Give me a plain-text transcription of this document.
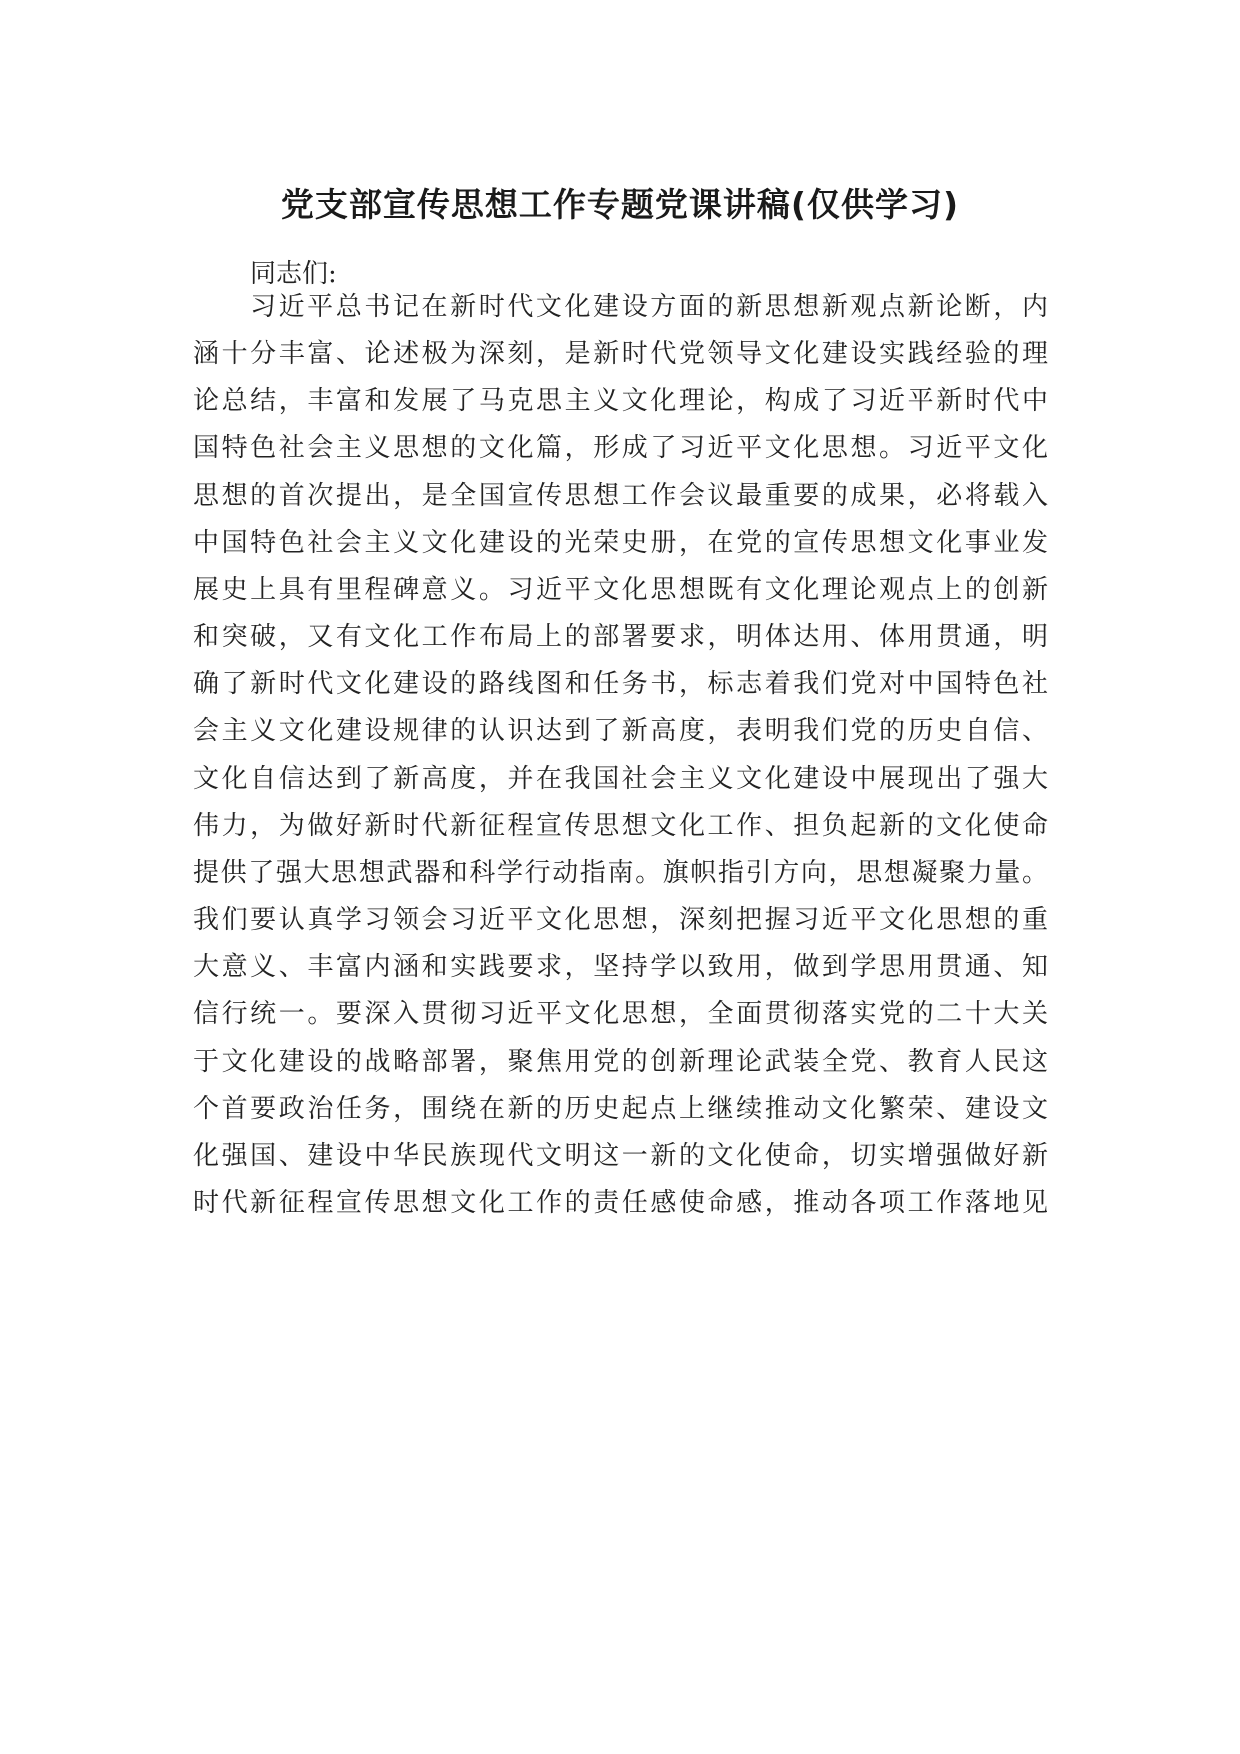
党支部宣传思想工作专题党课讲稿(仅供学习)

同志们:

习近平总书记在新时代文化建设方面的新思想新观点新论断，内
涵十分丰富、论述极为深刻，是新时代党领导文化建设实践经验的理
论总结，丰富和发展了马克思主义文化理论，构成了习近平新时代中
国特色社会主义思想的文化篇，形成了习近平文化思想。习近平文化
思想的首次提出，是全国宣传思想工作会议最重要的成果，必将载入
中国特色社会主义文化建设的光荣史册，在党的宣传思想文化事业发
展史上具有里程碑意义。习近平文化思想既有文化理论观点上的创新
和突破，又有文化工作布局上的部署要求，明体达用、体用贯通，明
确了新时代文化建设的路线图和任务书，标志着我们党对中国特色社
会主义文化建设规律的认识达到了新高度，表明我们党的历史自信、
文化自信达到了新高度，并在我国社会主义文化建设中展现出了强大
伟力，为做好新时代新征程宣传思想文化工作、担负起新的文化使命
提供了强大思想武器和科学行动指南。旗帜指引方向，思想凝聚力量。
我们要认真学习领会习近平文化思想，深刻把握习近平文化思想的重
大意义、丰富内涵和实践要求，坚持学以致用，做到学思用贯通、知
信行统一。要深入贯彻习近平文化思想，全面贯彻落实党的二十大关
于文化建设的战略部署，聚焦用党的创新理论武装全党、教育人民这
个首要政治任务，围绕在新的历史起点上继续推动文化繁荣、建设文
化强国、建设中华民族现代文明这一新的文化使命，切实增强做好新
时代新征程宣传思想文化工作的责任感使命感，推动各项工作落地见
